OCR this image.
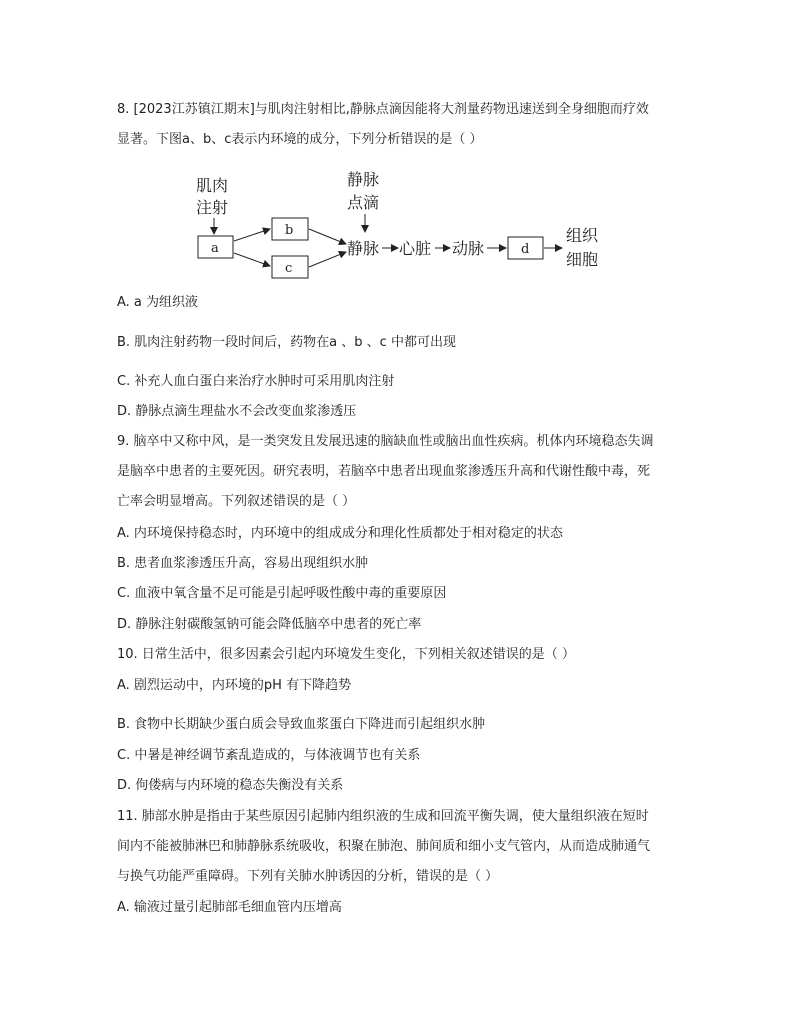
8. [2023江苏镇江期末]与肌肉注射相比,静脉点滴因能将大剂量药物迅速送到全身细胞而疗效
显著。下图a、b、c表示内环境的成分，下列分析错误的是（ ）
肌肉
注射
a
b
c
静脉
点滴
静脉 心脏 动脉	d
组织
细胞
A. a 为组织液
B. 肌肉注射药物一段时间后，药物在a 、b 、c 中都可出现
C. 补充人血白蛋白来治疗水肿时可采用肌肉注射
D. 静脉点滴生理盐水不会改变血浆渗透压
9. 脑卒中又称中风，是一类突发且发展迅速的脑缺血性或脑出血性疾病。机体内环境稳态失调
是脑卒中患者的主要死因。研究表明，若脑卒中患者出现血浆渗透压升高和代谢性酸中毒，死
亡率会明显增高。下列叙述错误的是（ ）
A. 内环境保持稳态时，内环境中的组成成分和理化性质都处于相对稳定的状态
B. 患者血浆渗透压升高，容易出现组织水肿
C. 血液中氧含量不足可能是引起呼吸性酸中毒的重要原因
D. 静脉注射碳酸氢钠可能会降低脑卒中患者的死亡率
10. 日常生活中，很多因素会引起内环境发生变化，下列相关叙述错误的是（ ）
A. 剧烈运动中，内环境的pH 有下降趋势
B. 食物中长期缺少蛋白质会导致血浆蛋白下降进而引起组织水肿
C. 中暑是神经调节紊乱造成的，与体液调节也有关系
D. 佝偻病与内环境的稳态失衡没有关系
11. 肺部水肿是指由于某些原因引起肺内组织液的生成和回流平衡失调，使大量组织液在短时
间内不能被肺淋巴和肺静脉系统吸收，积聚在肺泡、肺间质和细小支气管内，从而造成肺通气
与换气功能严重障碍。下列有关肺水肿诱因的分析，错误的是（ ）
A. 输液过量引起肺部毛细血管内压增高
